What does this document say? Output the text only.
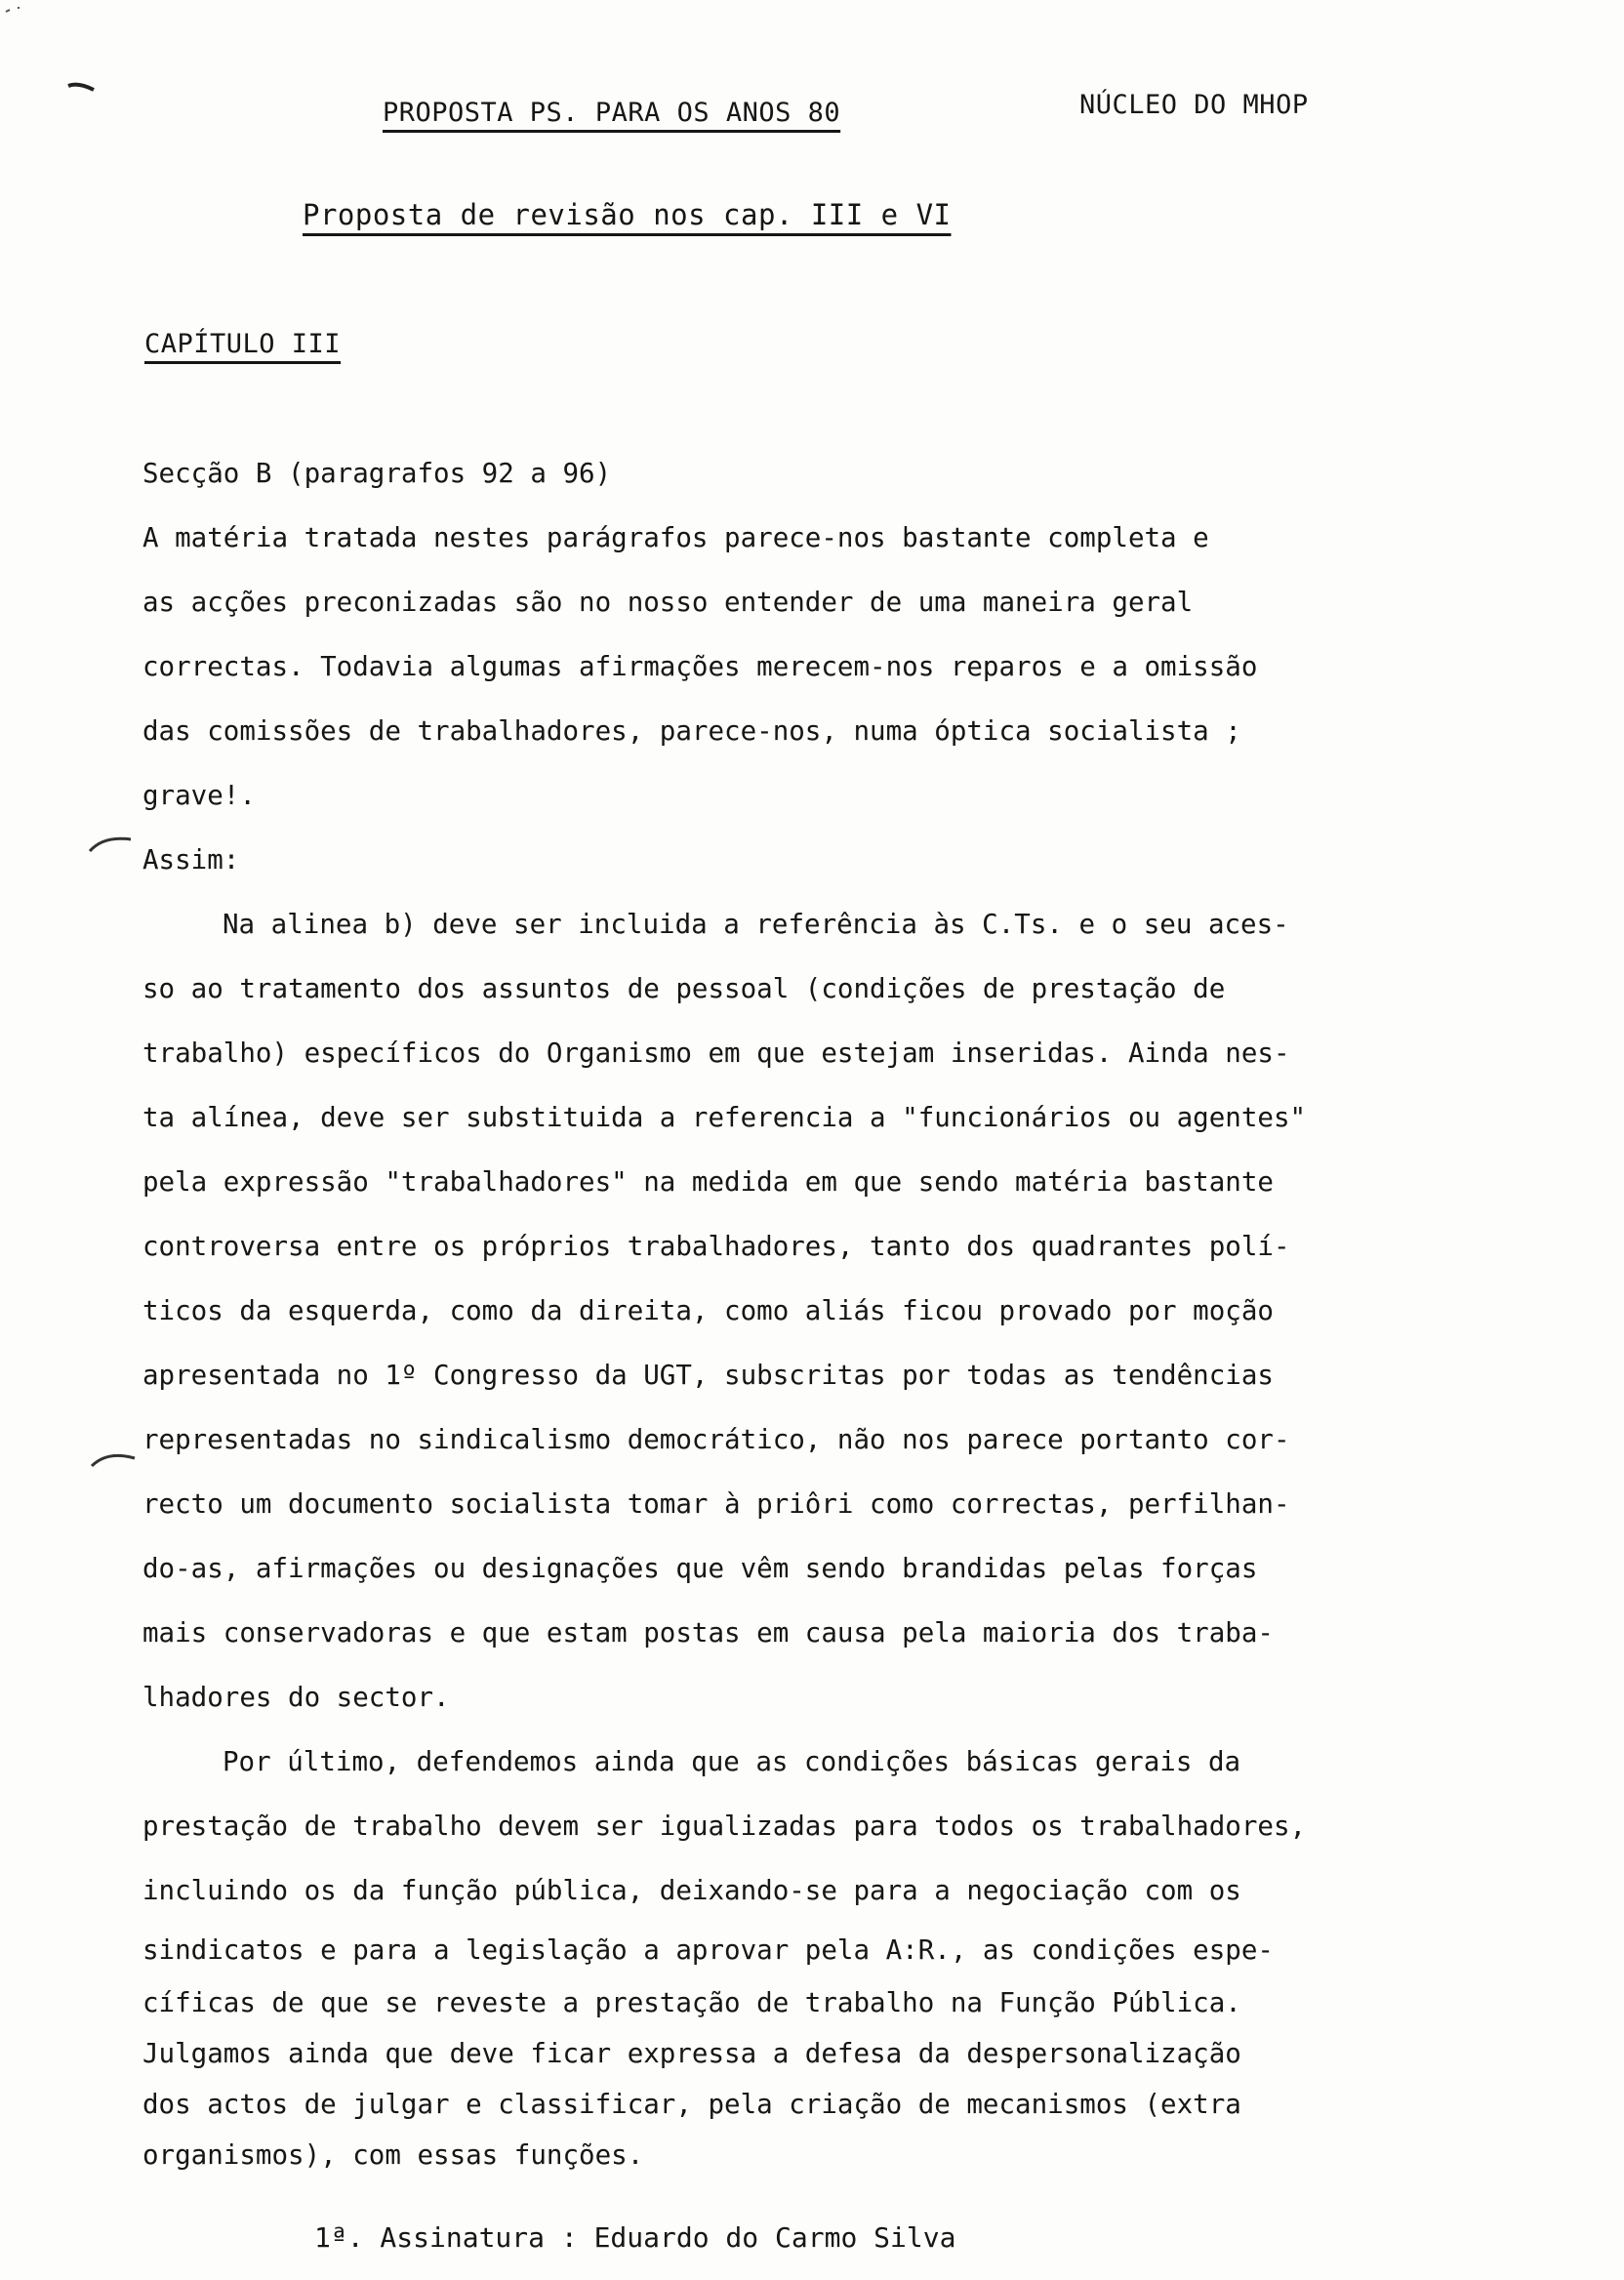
PROPOSTA PS. PARA OS ANOS 80	NÚCLEO DO MHOP
Proposta de revisão nos cap. III e VI
CAPÍTULO III
Secção B (paragrafos 92 a 96)
A matéria tratada nestes parágrafos parece-nos bastante completa e
as acções preconizadas são no nosso entender de uma maneira geral
correctas. Todavia algumas afirmações merecem-nos reparos e a omissão
das comissões de trabalhadores, parece-nos, numa óptica socialista ;
grave!.
Assim:
Na alinea b) deve ser incluida a referência às C.Ts. e o seu aces-
so ao tratamento dos assuntos de pessoal (condições de prestação de
trabalho) específicos do Organismo em que estejam inseridas. Ainda nes-
ta alínea, deve ser substituida a referencia a "funcionários ou agentes"
pela expressão "trabalhadores" na medida em que sendo matéria bastante
controversa entre os próprios trabalhadores, tanto dos quadrantes polí-
ticos da esquerda, como da direita, como aliás ficou provado por moção
apresentada no 1º Congresso da UGT, subscritas por todas as tendências
representadas no sindicalismo democrático, não nos parece portanto cor-
recto um documento socialista tomar à priôri como correctas, perfilhan-
do-as, afirmações ou designações que vêm sendo brandidas pelas forças
mais conservadoras e que estam postas em causa pela maioria dos traba-
lhadores do sector.
Por último, defendemos ainda que as condições básicas gerais da
prestação de trabalho devem ser igualizadas para todos os trabalhadores,
incluindo os da função pública, deixando-se para a negociação com os
sindicatos e para a legislação a aprovar pela A:R., as condições espe-
cíficas de que se reveste a prestação de trabalho na Função Pública.
Julgamos ainda que deve ficar expressa a defesa da despersonalização
dos actos de julgar e classificar, pela criação de mecanismos (extra
organismos), com essas funções.
1ª. Assinatura : Eduardo do Carmo Silva
